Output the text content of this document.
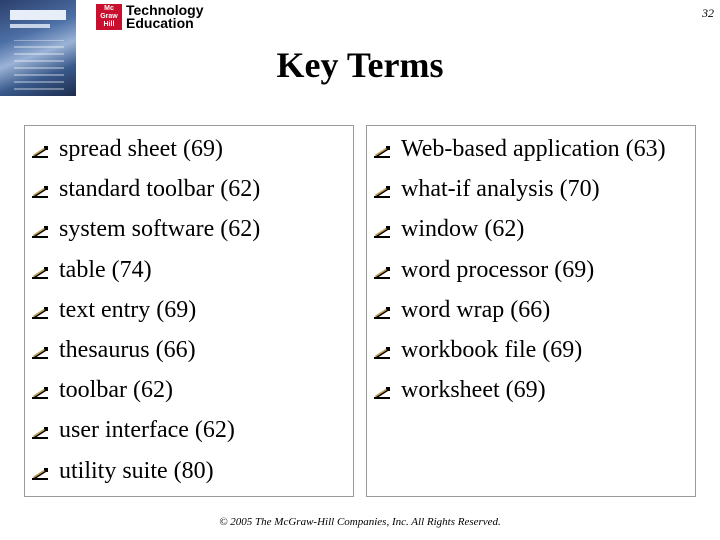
Mc
Graw
Hill
Technology
Education
32
Key Terms
spread sheet (69)
standard toolbar (62)
system software (62)
table (74)
text entry (69)
thesaurus (66)
toolbar (62)
user interface (62)
utility suite (80)
Web-based application (63)
what-if analysis (70)
window (62)
word processor (69)
word wrap (66)
workbook file (69)
worksheet (69)
© 2005 The McGraw-Hill Companies, Inc. All Rights Reserved.
